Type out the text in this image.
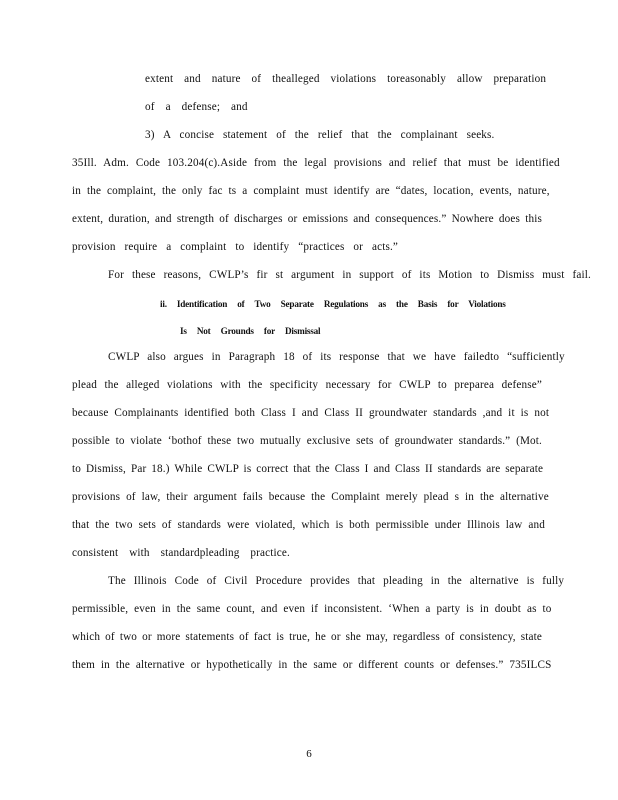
extent and nature of thealleged violations toreasonably allow preparation
of a defense; and
3) A concise statement of the relief that the complainant seeks.
35Ill. Adm. Code 103.204(c).Aside from the legal provisions and relief that must be identified
in the complaint, the only fac ts a complaint must identify are “dates, location, events, nature,
extent, duration, and strength of discharges or emissions and consequences.” Nowhere does this
provision require a complaint to identify “practices or acts.”
For these reasons, CWLP’s fir st argument in support of its Motion to Dismiss must fail.
ii. Identification of Two Separate Regulations as the Basis for Violations
Is Not Grounds for Dismissal
CWLP also argues in Paragraph 18 of its response that we have failedto “sufficiently
plead the alleged violations with the specificity necessary for CWLP to preparea defense”
because Complainants identified both Class I and Class II groundwater standards ,and it is not
possible to violate ‘bothof these two mutually exclusive sets of groundwater standards.” (Mot.
to Dismiss, Par 18.) While CWLP is correct that the Class I and Class II standards are separate
provisions of law, their argument fails because the Complaint merely plead s in the alternative
that the two sets of standards were violated, which is both permissible under Illinois law and
consistent with standardpleading practice.
The Illinois Code of Civil Procedure provides that pleading in the alternative is fully
permissible, even in the same count, and even if inconsistent. ‘When a party is in doubt as to
which of two or more statements of fact is true, he or she may, regardless of consistency, state
them in the alternative or hypothetically in the same or different counts or defenses.” 735ILCS
6
